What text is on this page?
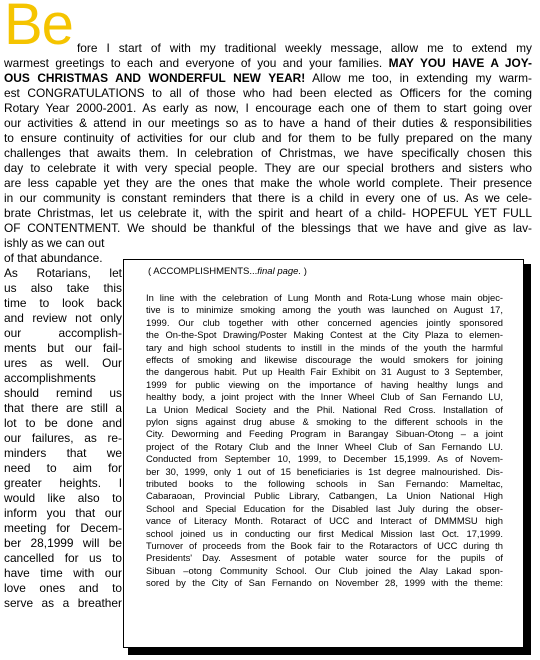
Be fore I start of with my traditional weekly message, allow me to extend my
warmest greetings to each and everyone of you and your families. MAY YOU HAVE A JOY-
OUS CHRISTMAS AND WONDERFUL NEW YEAR! Allow me too, in extending my warm-
est CONGRATULATIONS to all of those who had been elected as Officers for the coming
Rotary Year 2000-2001. As early as now, I encourage each one of them to start going over
our activities & attend in our meetings so as to have a hand of their duties & responsibilities
to ensure continuity of activities for our club and for them to be fully prepared on the many
challenges that awaits them. In celebration of Christmas, we have specifically chosen this
day to celebrate it with very special people. They are our special brothers and sisters who
are less capable yet they are the ones that make the whole world complete. Their presence
in our community is constant reminders that there is a child in every one of us. As we cele-
brate Christmas, let us celebrate it, with the spirit and heart of a child- HOPEFUL YET FULL
OF CONTENTMENT. We should be thankful of the blessings that we have and give as lav-
ishly as we can out
of that abundance.
As Rotarians, let
us also take this
time to look back
and review not only
our accomplish-
ments but our fail-
ures as well. Our
accomplishments
should remind us
that there are still a
lot to be done and
our failures, as re-
minders that we
need to aim for
greater heights. I
would like also to
inform you that our
meeting for Decem-
ber 28,1999 will be
cancelled for us to
have time with our
love ones and to
serve as a breather
( ACCOMPLISHMENTS...final page. )
In line with the celebration of Lung Month and Rota-Lung whose main objec-
tive is to minimize smoking among the youth was launched on August 17,
1999. Our club together with other concerned agencies jointly sponsored
the On-the-Spot Drawing/Poster Making Contest at the City Plaza to elemen-
tary and high school students to instill in the minds of the youth the harmful
effects of smoking and likewise discourage the would smokers for joining
the dangerous habit. Put up Health Fair Exhibit on 31 August to 3 September,
1999 for public viewing on the importance of having healthy lungs and
healthy body, a joint project with the Inner Wheel Club of San Fernando LU,
La Union Medical Society and the Phil. National Red Cross. Installation of
pylon signs against drug abuse & smoking to the different schools in the
City. Deworming and Feeding Program in Barangay Sibuan-Otong – a joint
project of the Rotary Club and the Inner Wheel Club of San Fernando LU.
Conducted from September 10, 1999, to December 15,1999. As of Novem-
ber 30, 1999, only 1 out of 15 beneficiaries is 1st degree malnourished. Dis-
tributed books to the following schools in San Fernando: Mameltac,
Cabaraoan, Provincial Public Library, Catbangen, La Union National High
School and Special Education for the Disabled last July during the obser-
vance of Literacy Month. Rotaract of UCC and Interact of DMMMSU high
school joined us in conducting our first Medical Mission last Oct. 17,1999.
Turnover of proceeds from the Book fair to the Rotaractors of UCC during th
Presidents' Day. Assesment of potable water source for the pupils of
Sibuan –otong Community School. Our Club joined the Alay Lakad spon-
sored by the City of San Fernando on November 28, 1999 with the theme:
